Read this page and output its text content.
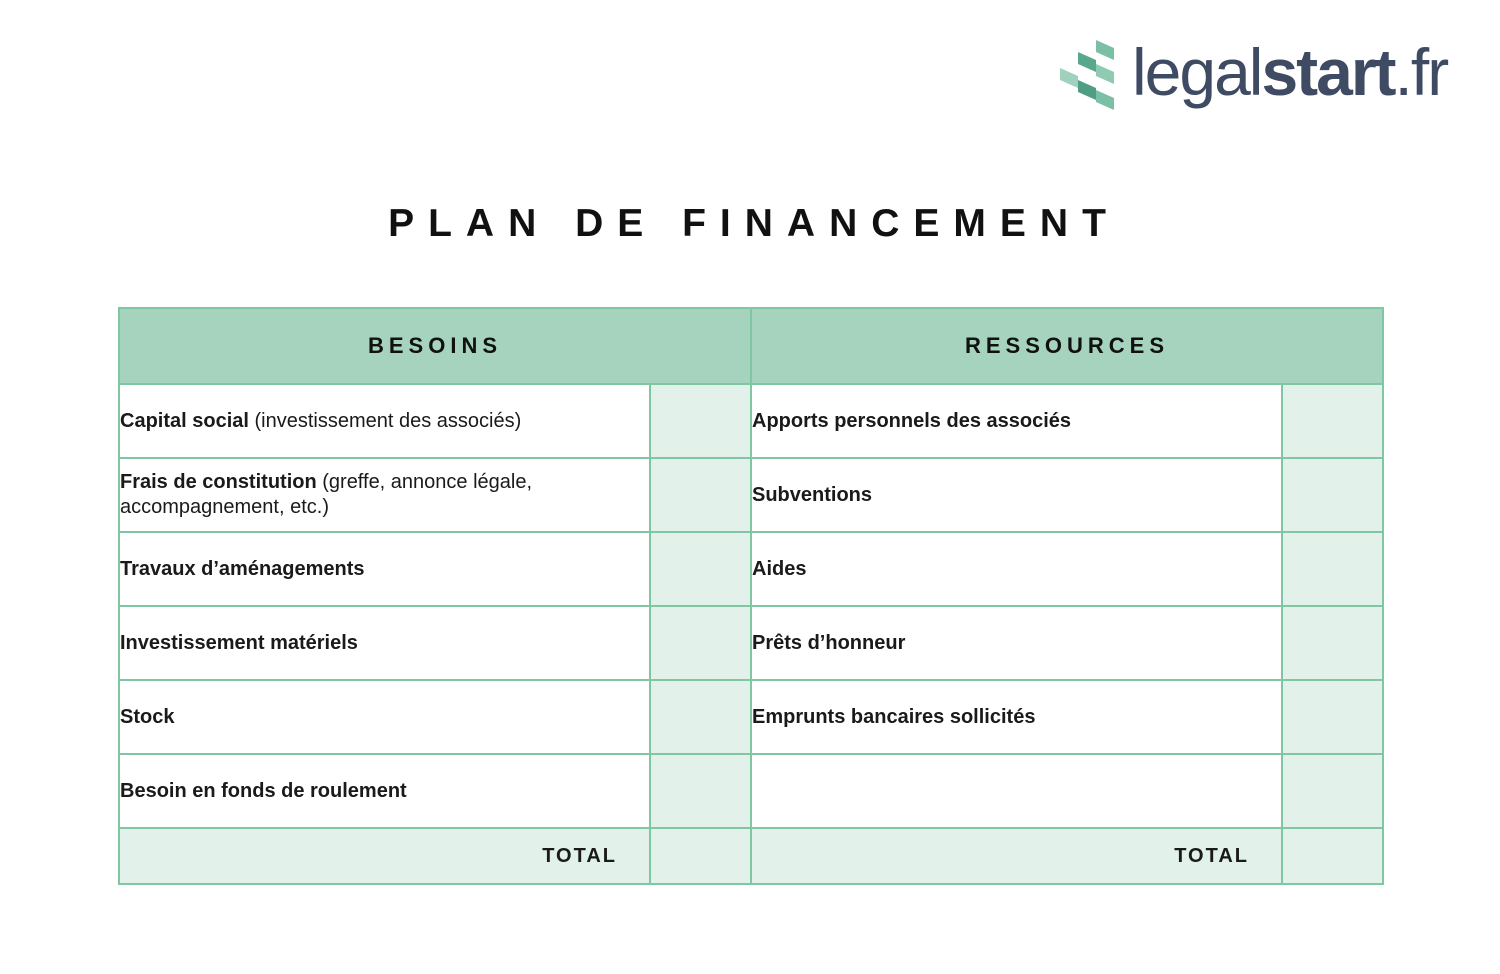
legalstart.fr
PLAN DE FINANCEMENT
BESOINS		RESSOURCES	
Capital social (investissement des associés)		Apports personnels des associés	
Frais de constitution (greffe, annonce légale, accompagnement, etc.)		Subventions	
Travaux d’aménagements		Aides	
Investissement matériels		Prêts d’honneur	
Stock		Emprunts bancaires sollicités	
Besoin en fonds de roulement			
TOTAL		TOTAL	
